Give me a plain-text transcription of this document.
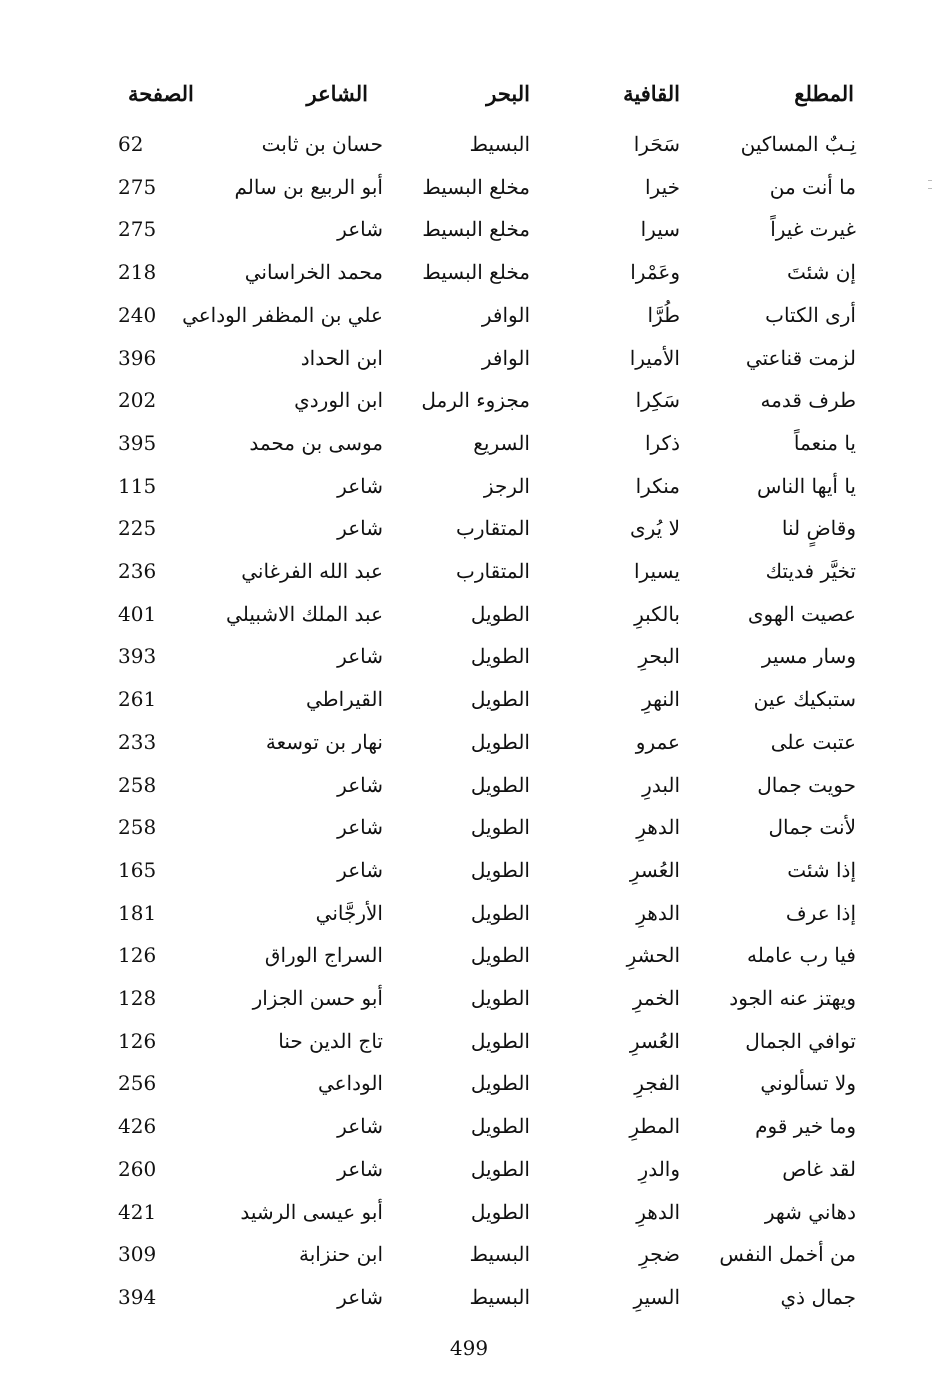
المطلع
القافية
البحر
الشاعر
الصفحة
نِـبٌ المساكين
سَحَرا
البسيط
حسان بن ثابت
62
ما أنت من
خيرا
مخلع البسيط
أبو الربيع بن سالم
275
غيرت غيراً
سيرا
مخلع البسيط
شاعر
275
إن شئتَ
وعَمْرا
مخلع البسيط
محمد الخراساني
218
أرى الكتاب
طُرَّا
الوافر
علي بن المظفر الوداعي
240
لزمت قناعتي
الأميرا
الوافر
ابن الحداد
396
طرف قدمه
سَكِرا
مجزوء الرمل
ابن الوردي
202
يا منعماً
ذكرا
السريع
موسى بن محمد
395
يا أيها الناس
منكرا
الرجز
شاعر
115
وقاضٍ لنا
لا يُرى
المتقارب
شاعر
225
تخيَّر فديتك
يسيرا
المتقارب
عبد الله الفرغاني
236
عصيت الهوى
بالكبرِ
الطويل
عبد الملك الاشبيلي
401
وسار مسير
البحرِ
الطويل
شاعر
393
ستبكيك عين
النهرِ
الطويل
القيراطي
261
عتبت على
عمرو
الطويل
نهار بن توسعة
233
حويت جمال
البدرِ
الطويل
شاعر
258
لأنت جمال
الدهرِ
الطويل
شاعر
258
إذا شئت
العُسرِ
الطويل
شاعر
165
إذا عرف
الدهرِ
الطويل
الأرجَّاني
181
فيا رب عامله
الحشرِ
الطويل
السراج الوراق
126
ويهتز عنه الجود
الخمرِ
الطويل
أبو حسن الجزار
128
توافي الجمال
العُسرِ
الطويل
تاج الدين حنا
126
ولا تسألوني
الفجرِ
الطويل
الوداعي
256
وما خير قوم
المطرِ
الطويل
شاعر
426
لقد غاص
والدرِ
الطويل
شاعر
260
دهاني شهر
الدهرِ
الطويل
أبو عيسى الرشيد
421
من أخمل النفس
ضجرِ
البسيط
ابن حنزابة
309
جمال ذي
السيرِ
البسيط
شاعر
394
499
